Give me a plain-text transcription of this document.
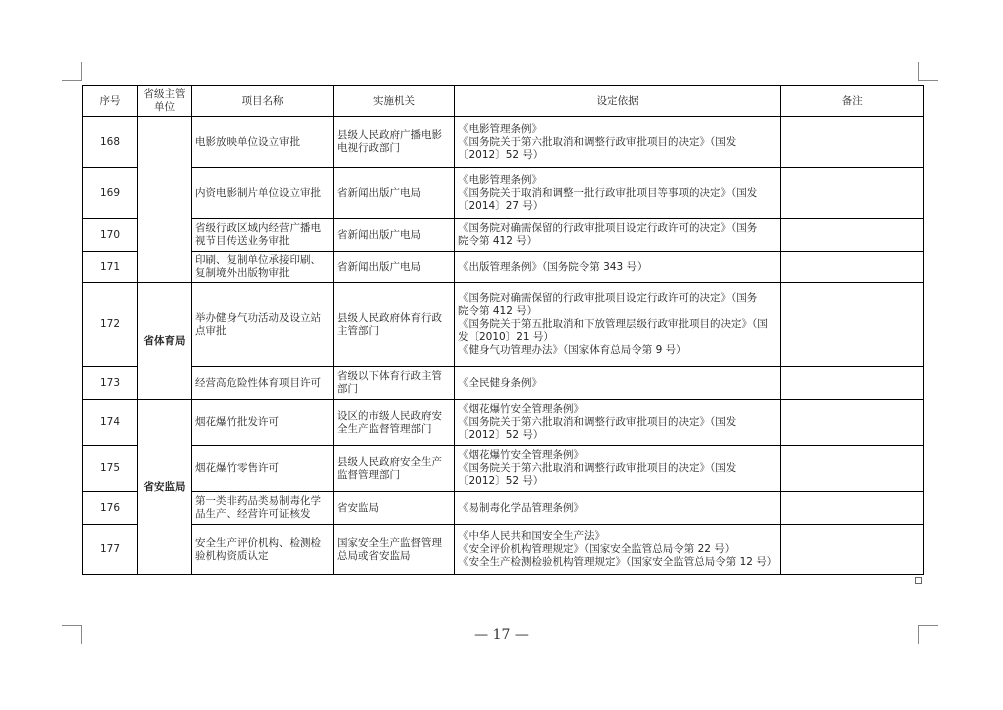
序号	省级主管单位	项目名称	实施机关	设定依据	备注
168		电影放映单位设立审批	县级人民政府广播电影电视行政部门	《电影管理条例》
《国务院关于第六批取消和调整行政审批项目的决定》（国发
〔2012〕52 号）	

169		内资电影制片单位设立审批	省新闻出版广电局	《电影管理条例》
《国务院关于取消和调整一批行政审批项目等事项的决定》（国发
〔2014〕27 号）	

170		省级行政区域内经营广播电视节目传送业务审批	省新闻出版广电局	《国务院对确需保留的行政审批项目设定行政许可的决定》（国务
院令第 412 号）	

171		印刷、复制单位承接印刷、复制境外出版物审批	省新闻出版广电局	《出版管理条例》（国务院令第 343 号）	

172	省体育局	举办健身气功活动及设立站点审批	县级人民政府体育行政主管部门	《国务院对确需保留的行政审批项目设定行政许可的决定》（国务
院令第 412 号）
《国务院关于第五批取消和下放管理层级行政审批项目的决定》（国
发〔2010〕21 号）
《健身气功管理办法》（国家体育总局令第 9 号）	

173		经营高危险性体育项目许可	省级以下体育行政主管部门	《全民健身条例》	

174	省安监局	烟花爆竹批发许可	设区的市级人民政府安全生产监督管理部门	《烟花爆竹安全管理条例》
《国务院关于第六批取消和调整行政审批项目的决定》（国发
〔2012〕52 号）	

175		烟花爆竹零售许可	县级人民政府安全生产监督管理部门	《烟花爆竹安全管理条例》
《国务院关于第六批取消和调整行政审批项目的决定》（国发
〔2012〕52 号）	

176		第一类非药品类易制毒化学品生产、经营许可证核发	省安监局	《易制毒化学品管理条例》	

177		安全生产评价机构、检测检验机构资质认定	国家安全生产监督管理总局或省安监局	《中华人民共和国安全生产法》
《安全评价机构管理规定》（国家安全监管总局令第 22 号）
《安全生产检测检验机构管理规定》（国家安全监管总局令第 12 号）	

— 17 —
